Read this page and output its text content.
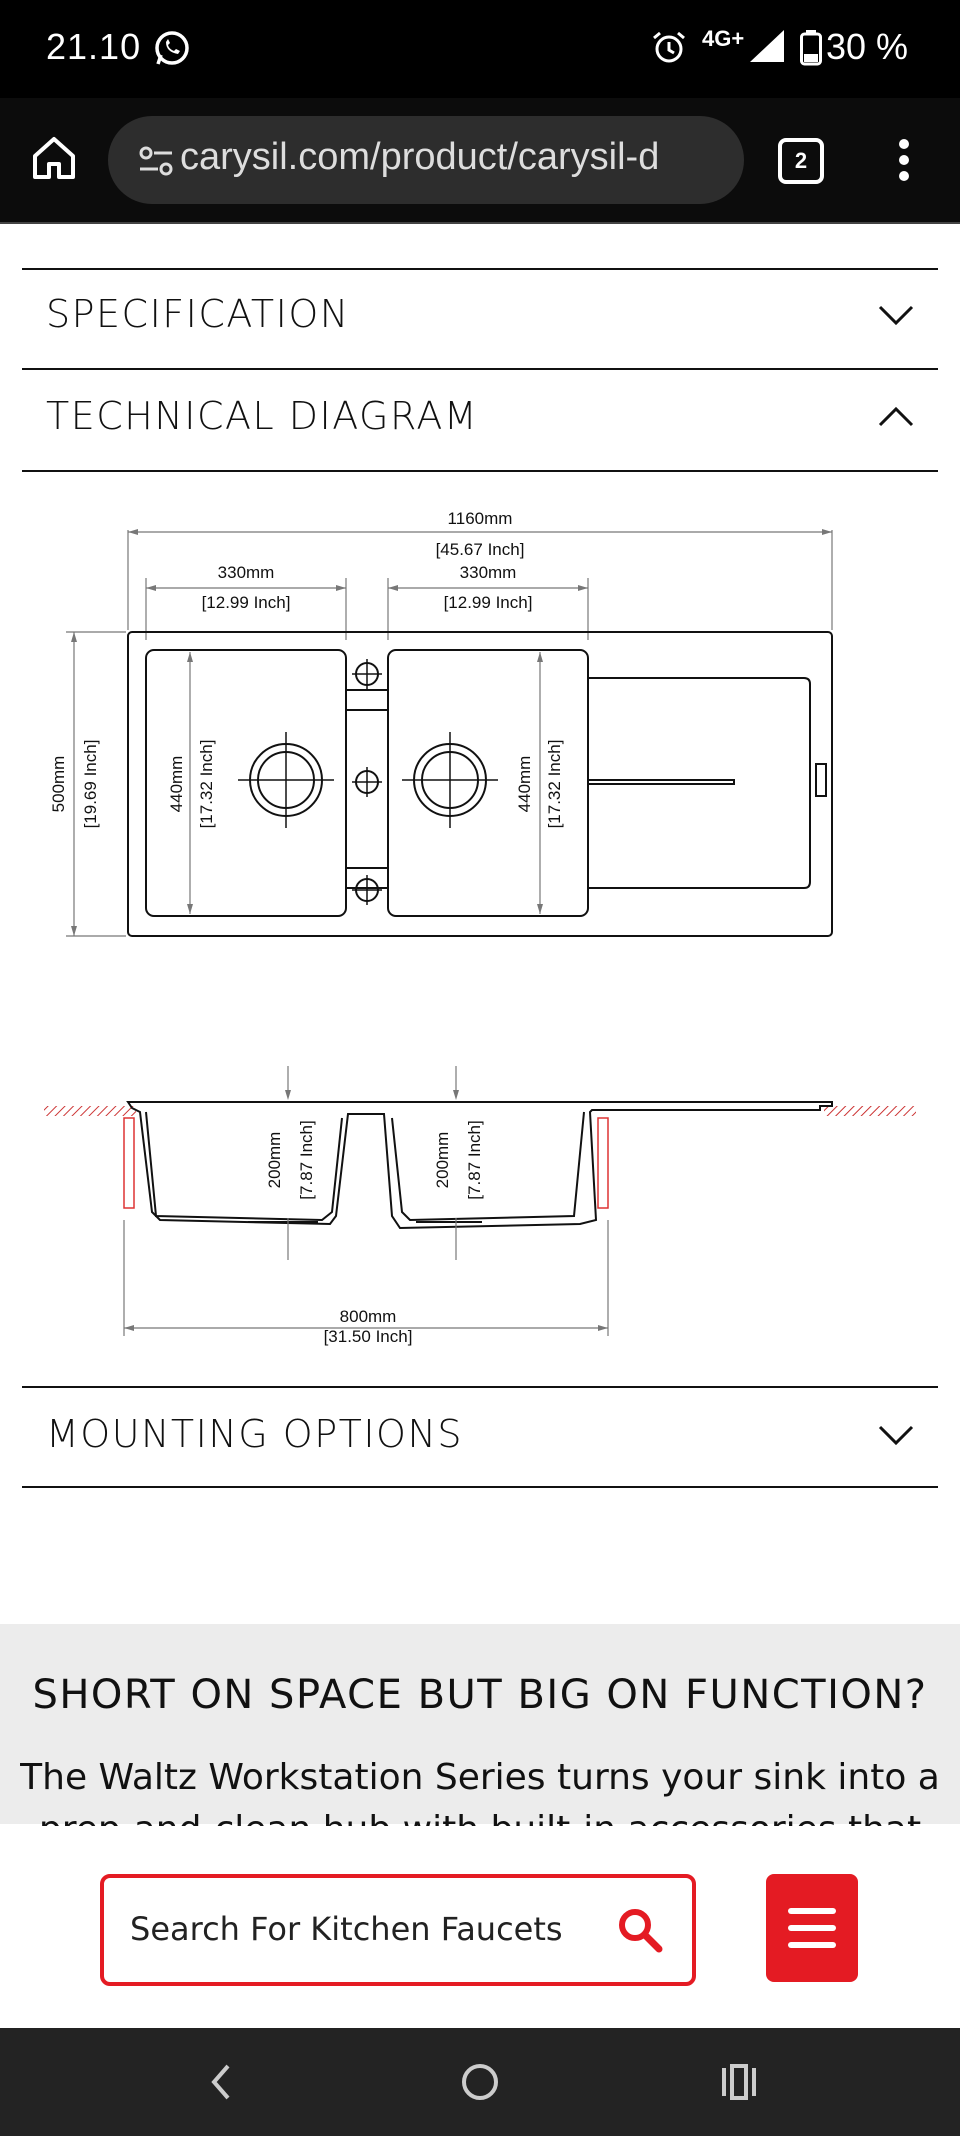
21.10	4G+ 30 %
carysil.com/product/carysil-d	2
SPECIFICATION
TECHNICAL DIAGRAM
1160mm
[45.67 Inch]
330mm
[12.99 Inch]
330mm
[12.99 Inch]
500mm [19.69 Inch]	440mm [17.32 Inch]	440mm [17.32 Inch]
200mm [7.87 Inch]	200mm [7.87 Inch]
800mm
[31.50 Inch]
MOUNTING OPTIONS
SHORT ON SPACE BUT BIG ON FUNCTION?
The Waltz Workstation Series turns your sink into a
Search For Kitchen Faucets
